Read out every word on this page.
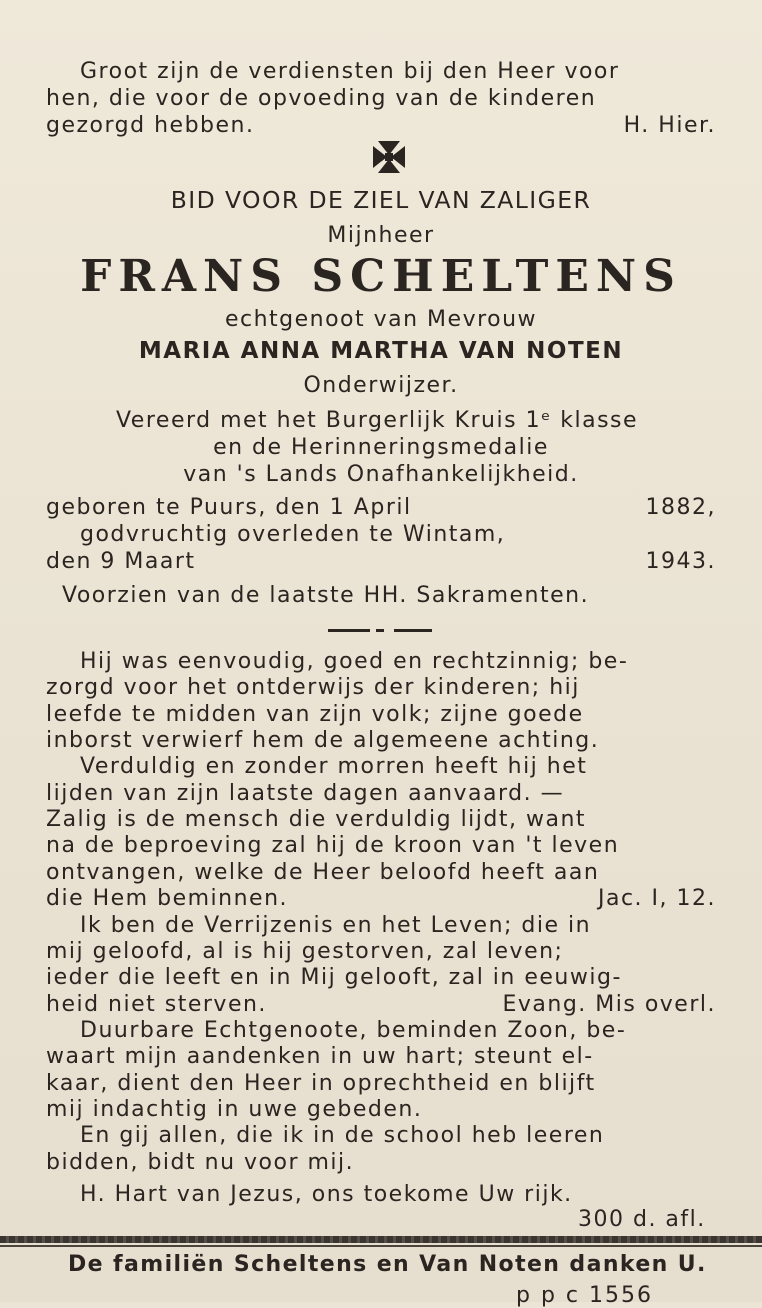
Groot zijn de verdiensten bij den Heer voor
hen, die voor de opvoeding van de kinderen
gezorgd hebben.	H. Hier.
BID VOOR DE ZIEL VAN ZALIGER
Mijnheer
FRANS SCHELTENS
echtgenoot van Mevrouw
MARIA ANNA MARTHA VAN NOTEN
Onderwijzer.
Vereerd met het Burgerlijk Kruis 1ᵉ klasse
en de Herinneringsmedalie
van 's Lands Onafhankelijkheid.
geboren te Puurs, den 1 April	1882,
godvruchtig overleden te Wintam,
den 9 Maart	1943.
Voorzien van de laatste HH. Sakramenten.
Hij was eenvoudig, goed en rechtzinnig; be-
zorgd voor het ontderwijs der kinderen; hij
leefde te midden van zijn volk; zijne goede
inborst verwierf hem de algemeene achting.
Verduldig en zonder morren heeft hij het
lijden van zijn laatste dagen aanvaard. —
Zalig is de mensch die verduldig lijdt, want
na de beproeving zal hij de kroon van 't leven
ontvangen, welke de Heer beloofd heeft aan
die Hem beminnen.	Jac. I, 12.
Ik ben de Verrijzenis en het Leven; die in
mij geloofd, al is hij gestorven, zal leven;
ieder die leeft en in Mij gelooft, zal in eeuwig-
heid niet sterven.	Evang. Mis overl.
Duurbare Echtgenoote, beminden Zoon, be-
waart mijn aandenken in uw hart; steunt el-
kaar, dient den Heer in oprechtheid en blijft
mij indachtig in uwe gebeden.
En gij allen, die ik in de school heb leeren
bidden, bidt nu voor mij.
H. Hart van Jezus, ons toekome Uw rijk.
300 d. afl.
De familiën Scheltens en Van Noten danken U.
p p c 1556
